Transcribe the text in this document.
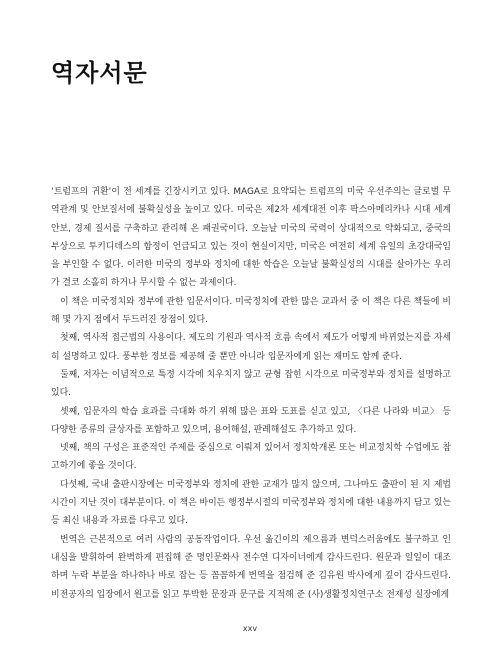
역자서문

‘트럼프의 귀환’이 전 세계를 긴장시키고 있다. MAGA로 요약되는 트럼프의 미국 우선주의는 글로벌 무역관계 및 안보질서에 불확실성을 높이고 있다. 미국은 제2차 세계대전 이후 팍스아메리카나 시대 세계 안보, 경제 질서를 구축하고 관리해 온 패권국이다. 오늘날 미국의 국력이 상대적으로 약화되고, 중국의 부상으로 투키디데스의 함정이 언급되고 있는 것이 현실이지만, 미국은 여전히 세계 유일의 초강대국임을 부인할 수 없다. 이러한 미국의 정부와 정치에 대한 학습은 오늘날 불확실성의 시대를 살아가는 우리가 결코 소홀히 하거나 무시할 수 없는 과제이다.

이 책은 미국정치와 정부에 관한 입문서이다. 미국정치에 관한 많은 교과서 중 이 책은 다른 책들에 비해 몇 가지 점에서 두드러진 장점이 있다.

첫째, 역사적 접근법의 사용이다. 제도의 기원과 역사적 흐름 속에서 제도가 어떻게 바뀌었는지를 자세히 설명하고 있다. 풍부한 정보를 제공해 줄 뿐만 아니라 입문자에게 읽는 재미도 함께 준다.

둘째, 저자는 이념적으로 특정 시각에 치우치지 않고 균형 잡힌 시각으로 미국정부와 정치를 설명하고 있다.

셋째, 입문자의 학습 효과를 극대화 하기 위해 많은 표와 도표를 싣고 있고, 〈다른 나라와 비교〉 등 다양한 종류의 글상자를 포함하고 있으며, 용어해설, 판례해설도 추가하고 있다.

넷째, 책의 구성은 표준적인 주제를 중심으로 이뤄져 있어서 정치학개론 또는 비교정치학 수업에도 참고하기에 좋을 것이다.

다섯째, 국내 출판시장에는 미국정부와 정치에 관한 교재가 많지 않으며, 그나마도 출판이 된 지 제법 시간이 지난 것이 대부분이다. 이 책은 바이든 행정부시절의 미국정부와 정치에 대한 내용까지 담고 있는 등 최신 내용과 자료를 다루고 있다.

번역은 근본적으로 여러 사람의 공동작업이다. 우선 옮긴이의 제으름과 변덕스러움에도 불구하고 인내심을 발휘하여 완벽하게 편집해 준 명인문화사 전수연 디자이너에게 감사드린다. 원문과 일일이 대조하며 누락 부분을 하나하나 바로 잡는 등 꼼꼼하게 번역을 점검해 준 김유원 박사에게 깊이 감사드린다. 비전공자의 입장에서 원고를 읽고 투박한 문장과 문구를 지적해 준 (사)생활정치연구소 전재성 실장에게

xxv
